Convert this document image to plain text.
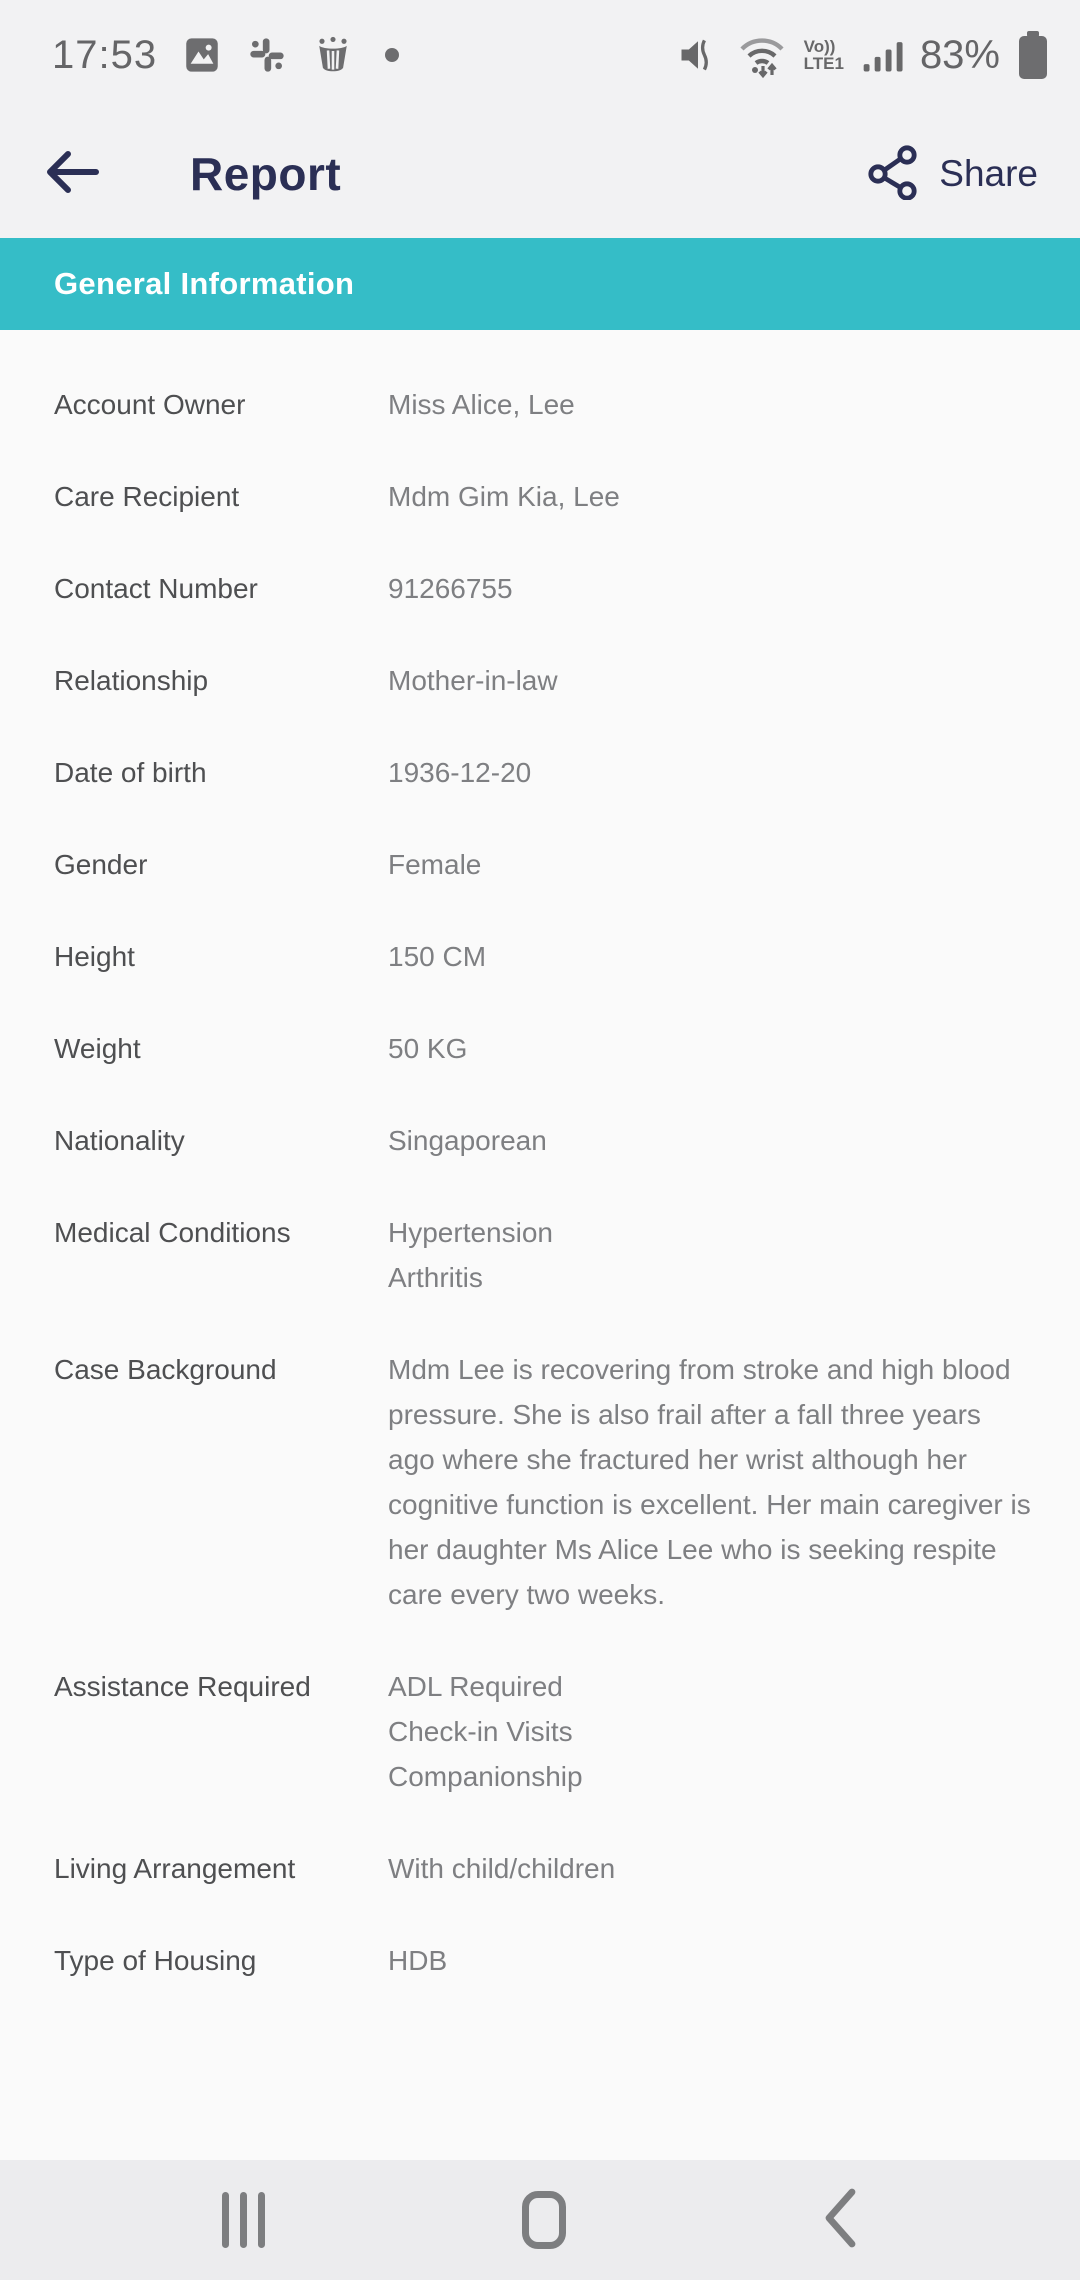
17:53	Vo))
LTE1 83%
Report	Share
General Information
Account Owner	Miss Alice, Lee
Care Recipient	Mdm Gim Kia, Lee
Contact Number	91266755
Relationship	Mother-in-law
Date of birth	1936-12-20
Gender	Female
Height	150 CM
Weight	50 KG
Nationality	Singaporean
Medical Conditions	Hypertension
Arthritis
Case Background	Mdm Lee is recovering from stroke and high blood pressure. She is also frail after a fall three years ago where she fractured her wrist although her cognitive function is excellent. Her main caregiver is her daughter Ms Alice Lee who is seeking respite care every two weeks.
Assistance Required	ADL Required
Check-in Visits
Companionship
Living Arrangement	With child/children
Type of Housing	HDB
